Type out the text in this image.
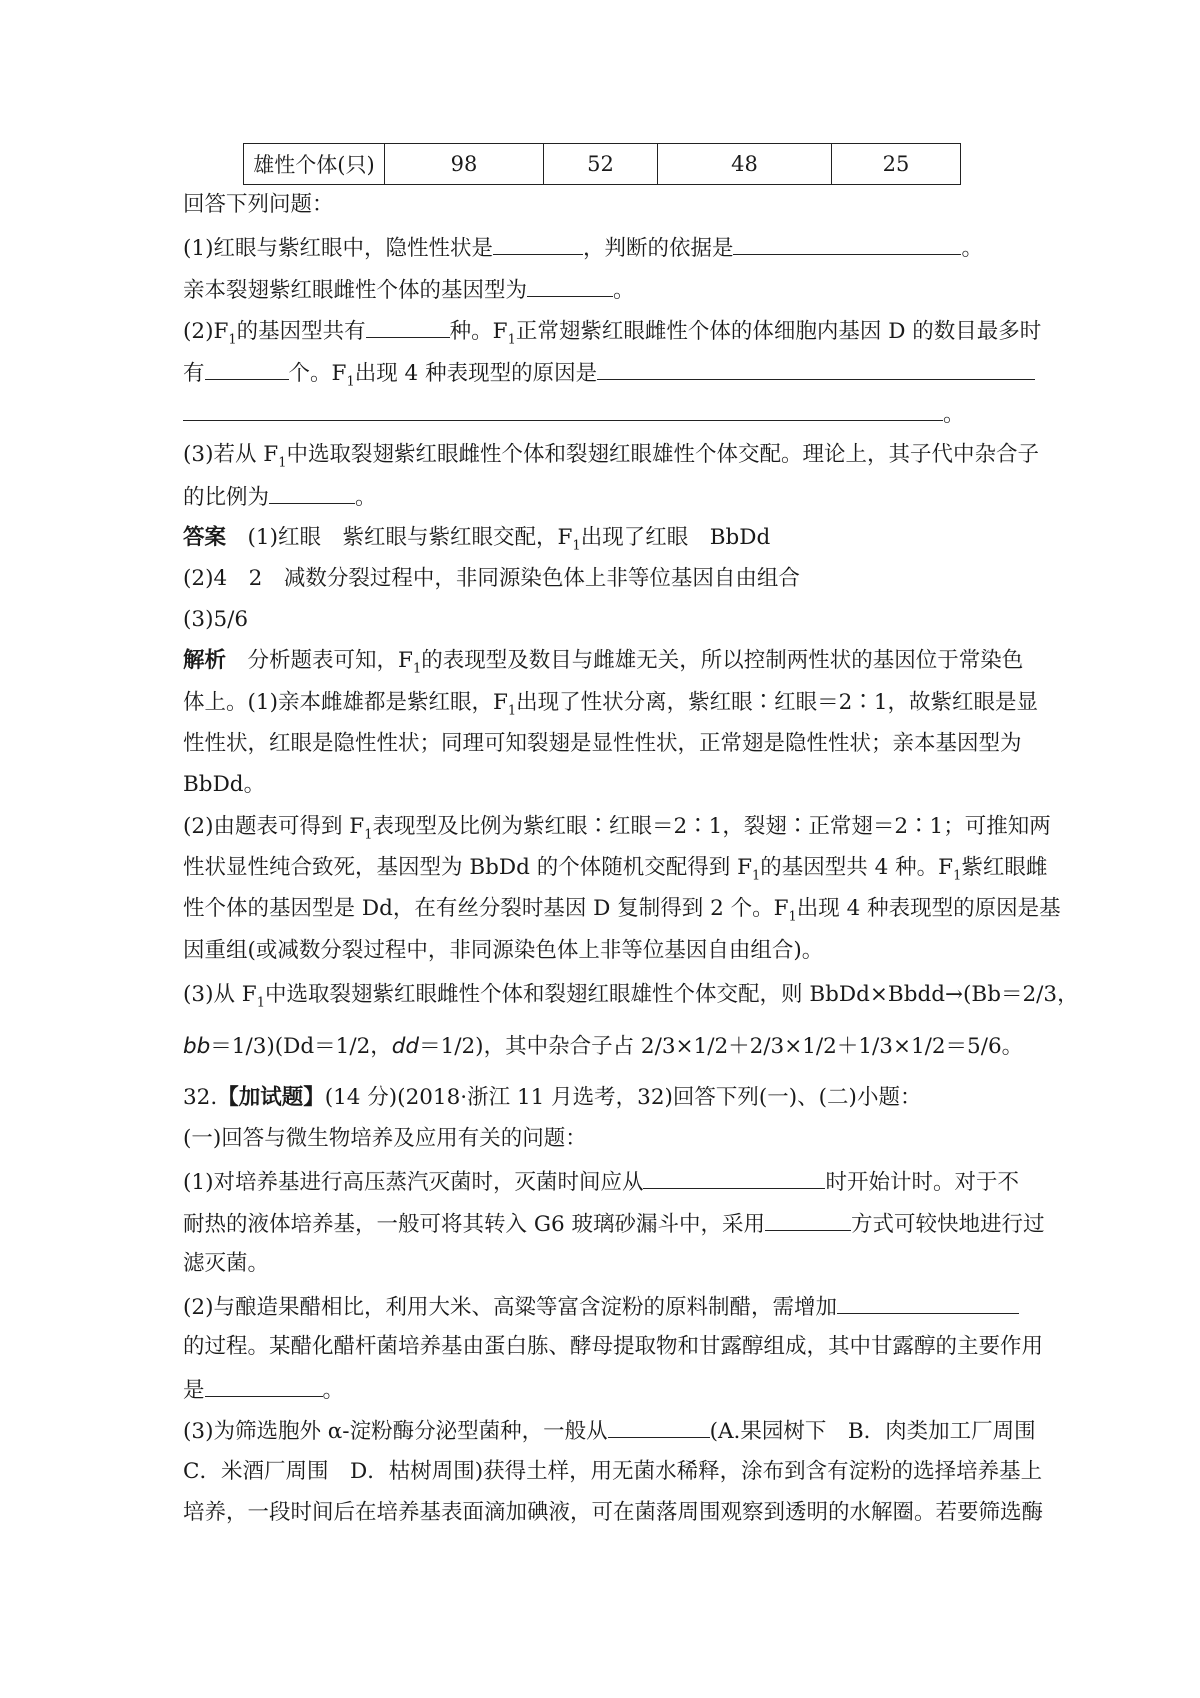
雄性个体(只)	98	52	48	25
回答下列问题：
(1)红眼与紫红眼中，隐性性状是	，判断的依据是	。
亲本裂翅紫红眼雌性个体的基因型为	。
$(2)F_1$的基因型共有	种。$F_1$正常翅紫红眼雌性个体的体细胞内基因 D 的数目最多时
有	个。$F_1$出现 4 种表现型的原因是
。
(3)若从 $F_1$中选取裂翅紫红眼雌性个体和裂翅红眼雄性个体交配。理论上，其子代中杂合子
的比例为	。
答案　 (1)红眼　紫红眼与紫红眼交配，$F_1$出现了红眼　BbDd
(2)4　2　减数分裂过程中，非同源染色体上非等位基因自由组合
(3)5/6
解析　分析题表可知，$F_1$的表现型及数目与雌雄无关，所以控制两性状的基因位于常染色
体上。(1)亲本雌雄都是紫红眼，$F_1$出现了性状分离，紫红眼∶红眼＝2∶1，故紫红眼是显
性性状，红眼是隐性性状；同理可知裂翅是显性性状，正常翅是隐性性状；亲本基因型为
BbDd。
(2)由题表可得到 $F_1$表现型及比例为紫红眼∶红眼＝2∶1，裂翅∶正常翅＝2∶1；可推知两
性状显性纯合致死，基因型为 BbDd 的个体随机交配得到 $F_1$的基因型共 4 种。$F_1$紫红眼雌
性个体的基因型是 Dd，在有丝分裂时基因 D 复制得到 2 个。$F_1$出现 4 种表现型的原因是基
因重组(或减数分裂过程中，非同源染色体上非等位基因自由组合)。
(3)从 $F_1$中选取裂翅紫红眼雌性个体和裂翅红眼雄性个体交配，则 BbDd×Bbdd→(Bb＝2/3，
bb＝1/3)(Dd＝1/2，dd＝1/2)，其中杂合子占 2/3×1/2＋2/3×1/2＋1/3×1/2＝5/6。
32.【加试题】(14 分)(2018·浙江 11 月选考，32)回答下列(一)、(二)小题：
(一)回答与微生物培养及应用有关的问题：
(1)对培养基进行高压蒸汽灭菌时，灭菌时间应从	时开始计时。对于不
耐热的液体培养基，一般可将其转入 G6 玻璃砂漏斗中，采用	方式可较快地进行过
滤灭菌。
(2)与酿造果醋相比，利用大米、高粱等富含淀粉的原料制醋，需增加
的过程。某醋化醋杆菌培养基由蛋白胨、酵母提取物和甘露醇组成，其中甘露醇的主要作用
是	。
(3)为筛选胞外 α-淀粉酶分泌型菌种，一般从	(A.果园树下　B．肉类加工厂周围
C．米酒厂周围　D．枯树周围)获得土样，用无菌水稀释，涂布到含有淀粉的选择培养基上
培养，一段时间后在培养基表面滴加碘液，可在菌落周围观察到透明的水解圈。若要筛选酶
